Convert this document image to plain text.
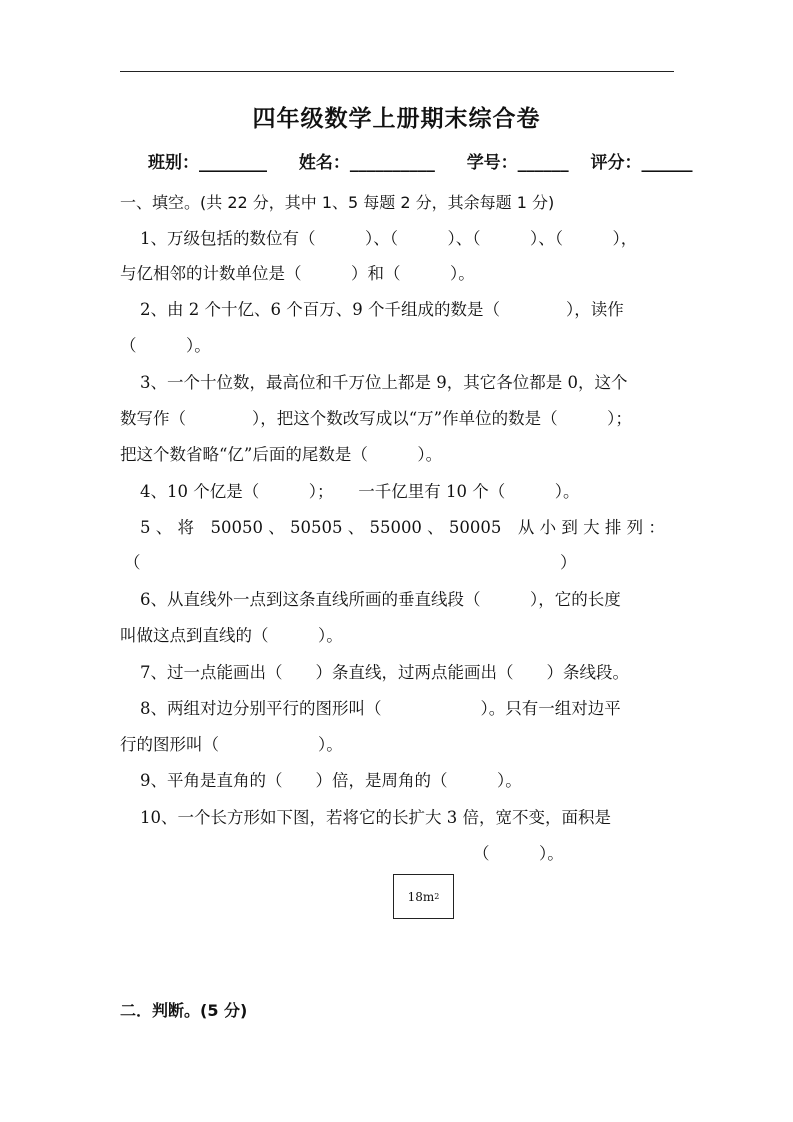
四年级数学上册期末综合卷
班别：________ 姓名：__________ 学号：______ 评分：______
一、填空。(共 22 分，其中 1、5 每题 2 分，其余每题 1 分)
1、万级包括的数位有（　　　）、（　　　）、（　　　）、（　　　），
与亿相邻的计数单位是（　　　）和（　　　）。
2、由 2 个十亿、6 个百万、9 个千组成的数是（　　　　），读作
（　　　）。
3、一个十位数，最高位和千万位上都是 9，其它各位都是 0，这个
数写作（　　　　），把这个数改写成以“万”作单位的数是（　　　）；
把这个数省略“亿”后面的尾数是（　　　）。
4、10 个亿是（　　　）；　　一千亿里有 10 个（　　　）。
5 、 将　50050 、 50505 、 55000 、 50005　从 小 到 大 排 列 ：
（	）
6、从直线外一点到这条直线所画的垂直线段（　　　），它的长度
叫做这点到直线的（　　　）。
7、过一点能画出（　　）条直线，过两点能画出（　　）条线段。
8、两组对边分别平行的图形叫（　　　　　　）。只有一组对边平
行的图形叫（　　　　　　）。
9、平角是直角的（　　）倍，是周角的（　　　）。
10、一个长方形如下图，若将它的长扩大 3 倍，宽不变，面积是
（　　　）。
18m 2
二．判断。(5 分)
